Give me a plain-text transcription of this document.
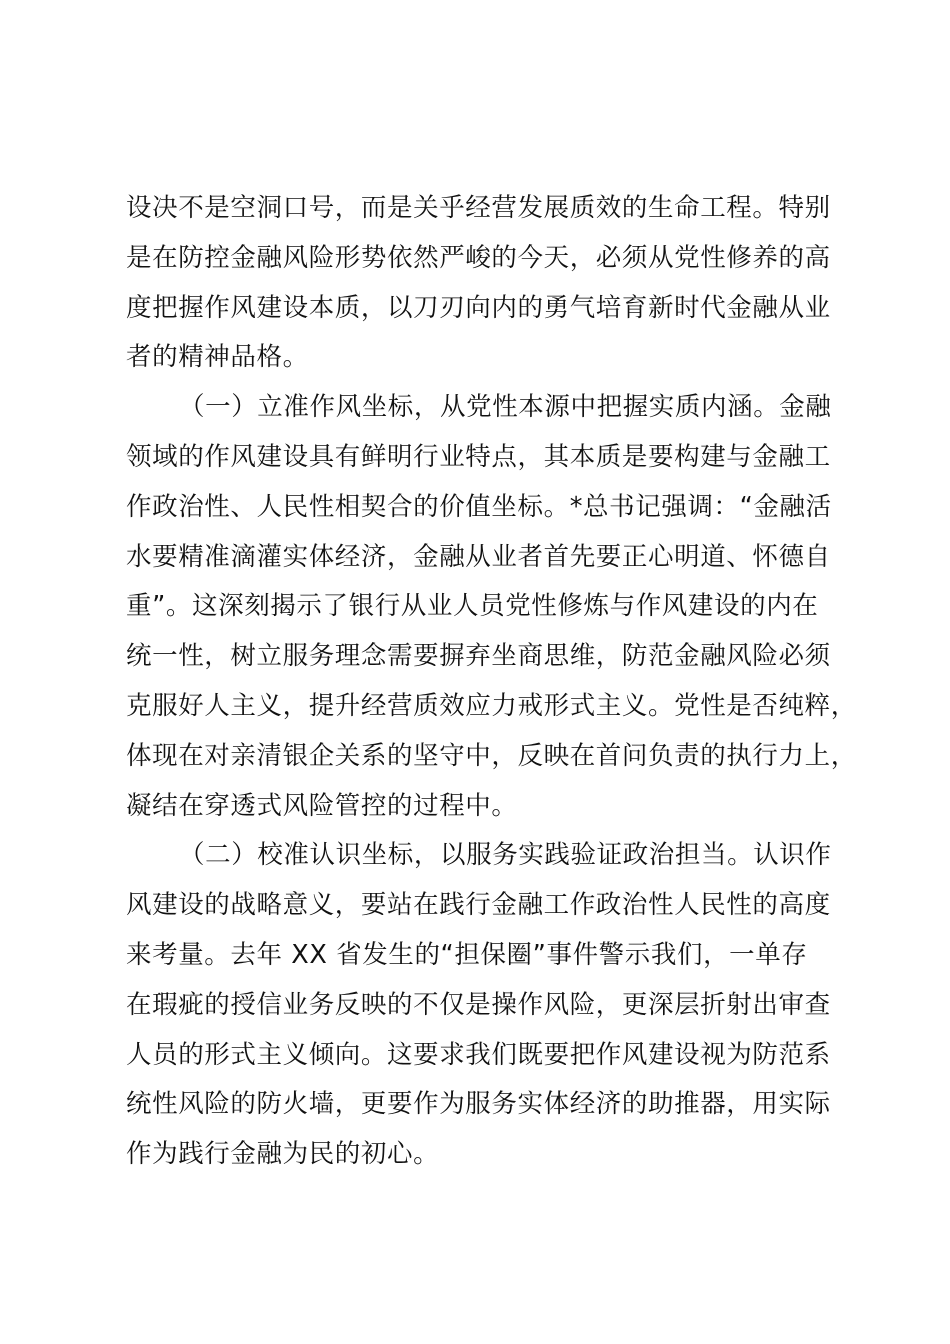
设决不是空洞口号，而是关乎经营发展质效的生命工程。特别
是在防控金融风险形势依然严峻的今天，必须从党性修养的高
度把握作风建设本质，以刀刃向内的勇气培育新时代金融从业
者的精神品格。

（一）立准作风坐标，从党性本源中把握实质内涵。金融
领域的作风建设具有鲜明行业特点，其本质是要构建与金融工
作政治性、人民性相契合的价值坐标。*总书记强调：“金融活
水要精准滴灌实体经济，金融从业者首先要正心明道、怀德自
重”。这深刻揭示了银行从业人员党性修炼与作风建设的内在
统一性，树立服务理念需要摒弃坐商思维，防范金融风险必须
克服好人主义，提升经营质效应力戒形式主义。党性是否纯粹，
体现在对亲清银企关系的坚守中，反映在首问负责的执行力上，
凝结在穿透式风险管控的过程中。

（二）校准认识坐标，以服务实践验证政治担当。认识作
风建设的战略意义，要站在践行金融工作政治性人民性的高度
来考量。去年 XX 省发生的“担保圈”事件警示我们，一单存
在瑕疵的授信业务反映的不仅是操作风险，更深层折射出审查
人员的形式主义倾向。这要求我们既要把作风建设视为防范系
统性风险的防火墙，更要作为服务实体经济的助推器，用实际
作为践行金融为民的初心。
